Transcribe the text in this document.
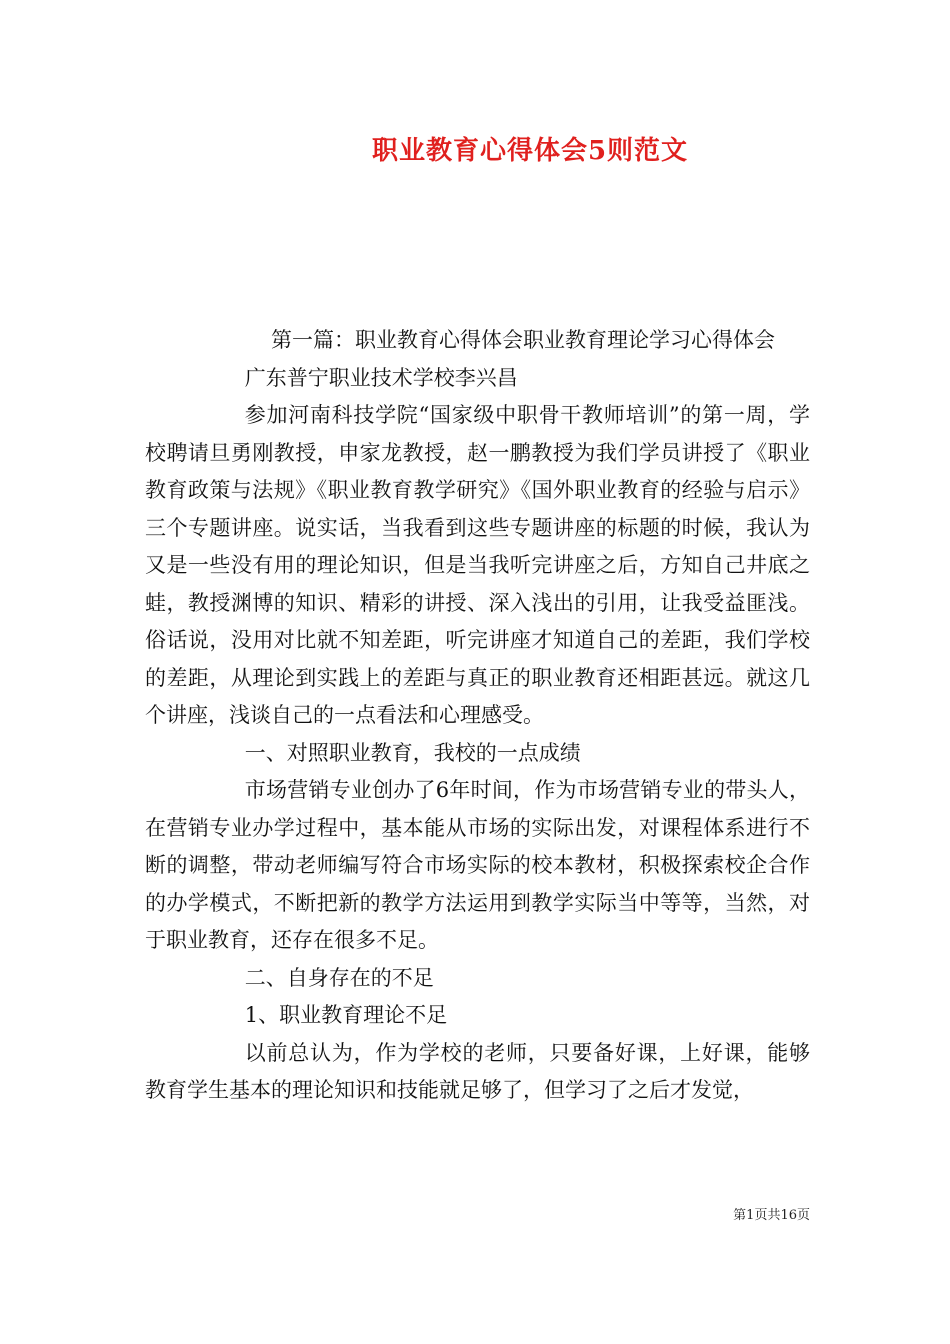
职业教育心得体会5则范文

第一篇：职业教育心得体会职业教育理论学习心得体会

广东普宁职业技术学校李兴昌

参加河南科技学院“国家级中职骨干教师培训”的第一周，学校聘请旦勇刚教授，申家龙教授，赵一鹏教授为我们学员讲授了《职业教育政策与法规》《职业教育教学研究》《国外职业教育的经验与启示》三个专题讲座。说实话，当我看到这些专题讲座的标题的时候，我认为又是一些没有用的理论知识，但是当我听完讲座之后，方知自己井底之蛙，教授渊博的知识、精彩的讲授、深入浅出的引用，让我受益匪浅。俗话说，没用对比就不知差距，听完讲座才知道自己的差距，我们学校的差距，从理论到实践上的差距与真正的职业教育还相距甚远。就这几个讲座，浅谈自己的一点看法和心理感受。

一、对照职业教育，我校的一点成绩

市场营销专业创办了6年时间，作为市场营销专业的带头人，在营销专业办学过程中，基本能从市场的实际出发，对课程体系进行不断的调整，带动老师编写符合市场实际的校本教材，积极探索校企合作的办学模式，不断把新的教学方法运用到教学实际当中等等，当然，对于职业教育，还存在很多不足。

二、自身存在的不足

1、职业教育理论不足

以前总认为，作为学校的老师，只要备好课，上好课，能够教育学生基本的理论知识和技能就足够了，但学习了之后才发觉，

第1页共16页
